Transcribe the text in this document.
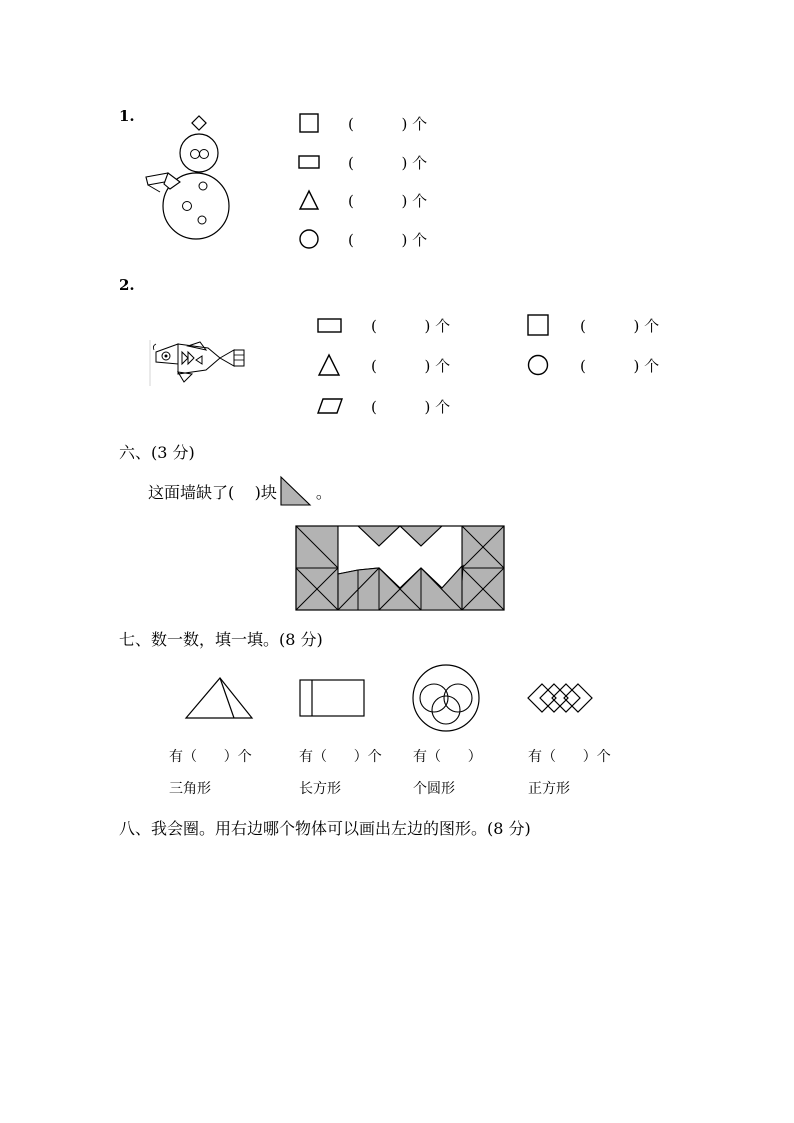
1.	(          ) 个
(          ) 个
(          ) 个
(          ) 个
2.
(          ) 个	(          ) 个
(          ) 个	(          ) 个
(          ) 个
六、(3 分)
这面墙缺了( )块 。
七、数一数，填一填。(8 分)
有（      ）个
三角形
有（      ）个
长方形
有（      ）
个圆形
有（      ）个
正方形
八、我会圈。用右边哪个物体可以画出左边的图形。(8 分)
